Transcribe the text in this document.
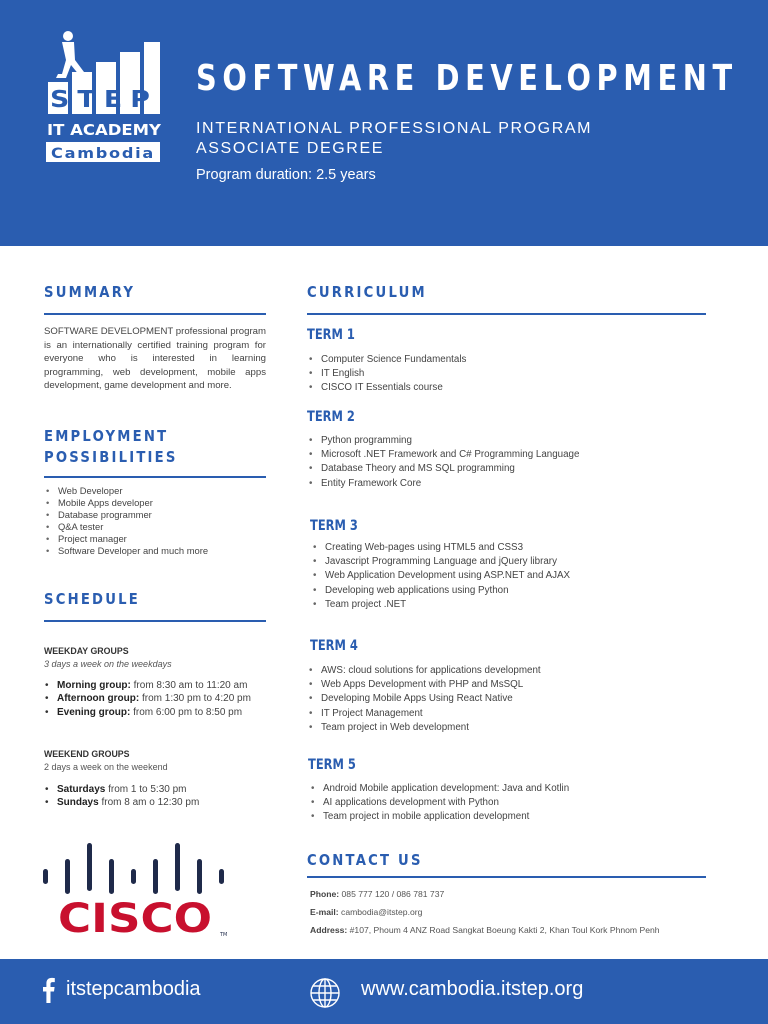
STEP
IT ACADEMY
Cambodia
SOFTWARE DEVELOPMENT
INTERNATIONAL PROFESSIONAL PROGRAM
ASSOCIATE DEGREE
Program duration: 2.5 years
SUMMARY
SOFTWARE DEVELOPMENT professional program is an internationally certified training program for everyone who is interested in learning programming, web development, mobile apps development, game development and more.
EMPLOYMENT
POSSIBILITIES
• Web Developer
• Mobile Apps developer
• Database programmer
• Q&A tester
• Project manager
• Software Developer and much more
SCHEDULE
WEEKDAY GROUPS
3 days a week on the weekdays
• Morning group: from 8:30 am to 11:20 am
• Afternoon group: from 1:30 pm to 4:20 pm
• Evening group: from 6:00 pm to 8:50 pm
WEEKEND GROUPS
2 days a week on the weekend
• Saturdays from 1 to 5:30 pm
• Sundays from 8 am o 12:30 pm
CISCO TM
CURRICULUM
TERM 1
• Computer Science Fundamentals
• IT English
• CISCO IT Essentials course
TERM 2
• Python programming
• Microsoft .NET Framework and C# Programming Language
• Database Theory and MS SQL programming
• Entity Framework Core
TERM 3
• Creating Web-pages using HTML5 and CSS3
• Javascript Programming Language and jQuery library
• Web Application Development using ASP.NET and AJAX
• Developing web applications using Python
• Team project .NET
TERM 4
• AWS: cloud solutions for applications development
• Web Apps Development with PHP and MsSQL
• Developing Mobile Apps Using React Native
• IT Project Management
• Team project in Web development
TERM 5
• Android Mobile application development: Java and Kotlin
• AI applications development with Python
• Team project in mobile application development
CONTACT US
Phone: 085 777 120 / 086 781 737
E-mail: cambodia@itstep.org
Address: #107, Phoum 4 ANZ Road Sangkat Boeung Kakti 2, Khan Toul Kork Phnom Penh
itstepcambodia	www.cambodia.itstep.org
